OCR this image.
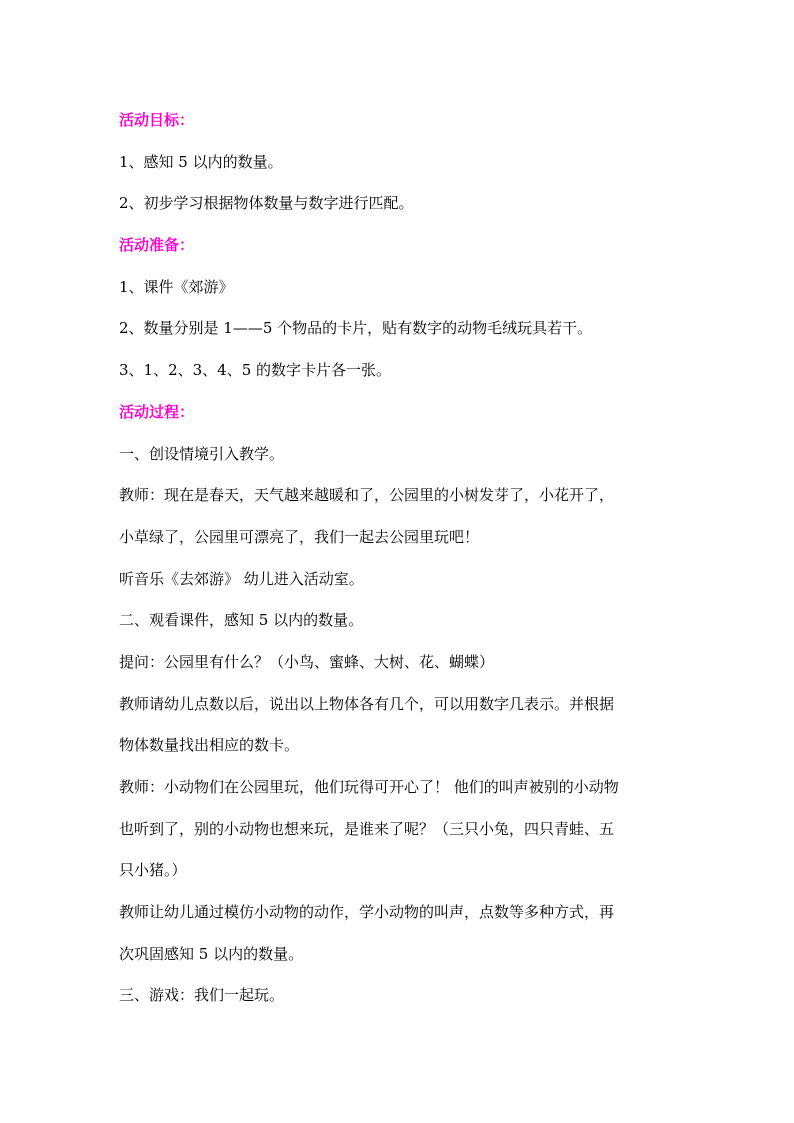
活动目标：

1、感知 5 以内的数量。

2、初步学习根据物体数量与数字进行匹配。

活动准备：

1、课件《郊游》

2、数量分别是 1——5 个物品的卡片，贴有数字的动物毛绒玩具若干。

3、1、2、3、4、5 的数字卡片各一张。

活动过程：

一、创设情境引入教学。

教师：现在是春天，天气越来越暖和了，公园里的小树发芽了，小花开了，

小草绿了，公园里可漂亮了，我们一起去公园里玩吧！

听音乐《去郊游》 幼儿进入活动室。

二、观看课件，感知 5 以内的数量。

提问：公园里有什么？（小鸟、蜜蜂、大树、花、蝴蝶）

教师请幼儿点数以后，说出以上物体各有几个，可以用数字几表示。并根据

物体数量找出相应的数卡。

教师：小动物们在公园里玩，他们玩得可开心了！ 他们的叫声被别的小动物

也听到了，别的小动物也想来玩，是谁来了呢？（三只小兔，四只青蛙、五

只小猪。）

教师让幼儿通过模仿小动物的动作，学小动物的叫声，点数等多种方式，再

次巩固感知 5 以内的数量。

三、游戏：我们一起玩。
